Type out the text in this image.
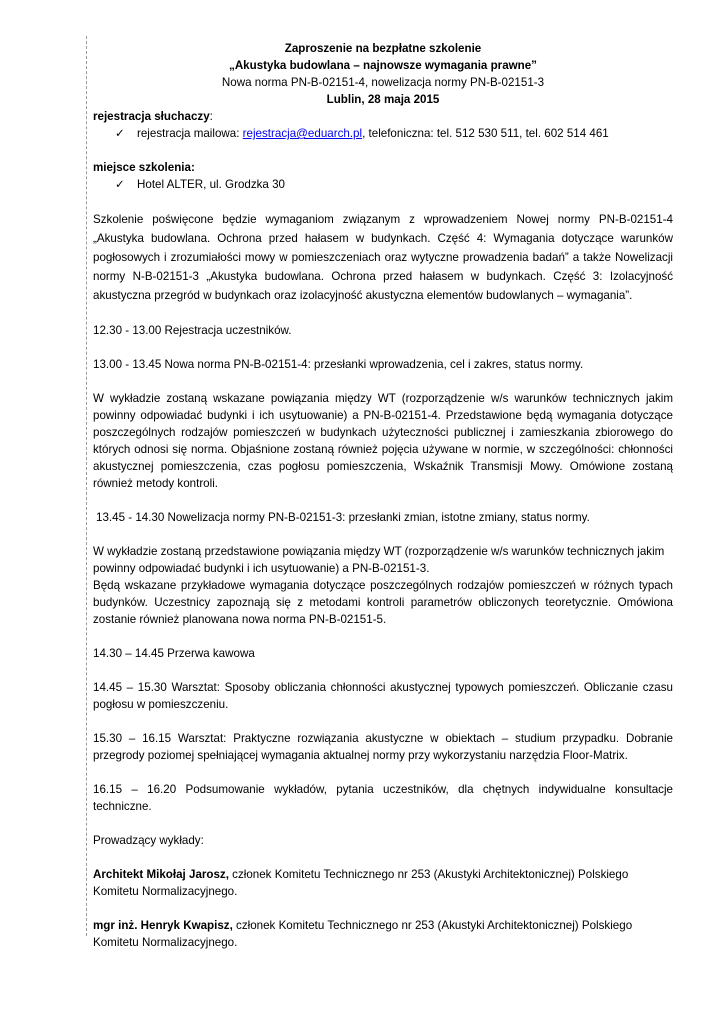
Zaproszenie na bezpłatne szkolenie

„Akustyka budowlana – najnowsze wymagania prawne”

Nowa norma PN-B-02151-4, nowelizacja normy PN-B-02151-3

Lublin, 28 maja 2015

rejestracja słuchaczy:

✓	rejestracja mailowa: rejestracja@eduarch.pl, telefoniczna: tel. 512 530 511, tel. 602 514 461

miejsce szkolenia:

✓	Hotel ALTER, ul. Grodzka 30

Szkolenie poświęcone będzie wymaganiom związanym z wprowadzeniem Nowej normy PN-B-02151-4 „Akustyka budowlana. Ochrona przed hałasem w budynkach. Część 4: Wymagania dotyczące warunków pogłosowych i zrozumiałości mowy w pomieszczeniach oraz wytyczne prowadzenia badań” a także Nowelizacji normy N-B-02151-3 „Akustyka budowlana. Ochrona przed hałasem w budynkach. Część 3: Izolacyjność akustyczna przegród w budynkach oraz izolacyjność akustyczna elementów budowlanych – wymagania”.

12.30 - 13.00 Rejestracja uczestników.

13.00 - 13.45 Nowa norma PN-B-02151-4: przesłanki wprowadzenia, cel i zakres, status normy.

W wykładzie zostaną wskazane powiązania między WT (rozporządzenie w/s warunków technicznych jakim powinny odpowiadać budynki i ich usytuowanie) a PN-B-02151-4. Przedstawione będą wymagania dotyczące poszczególnych rodzajów pomieszczeń w budynkach użyteczności publicznej i zamieszkania zbiorowego do których odnosi się norma. Objaśnione zostaną również pojęcia używane w normie, w szczególności: chłonności akustycznej pomieszczenia, czas pogłosu pomieszczenia, Wskaźnik Transmisji Mowy. Omówione zostaną również metody kontroli.

13.45 - 14.30 Nowelizacja normy PN-B-02151-3: przesłanki zmian, istotne zmiany, status normy.

W wykładzie zostaną przedstawione powiązania między WT (rozporządzenie w/s warunków technicznych jakim powinny odpowiadać budynki i ich usytuowanie) a PN-B-02151-3.

Będą wskazane przykładowe wymagania dotyczące poszczególnych rodzajów pomieszczeń w różnych typach budynków. Uczestnicy zapoznają się z metodami kontroli parametrów obliczonych teoretycznie. Omówiona zostanie również planowana nowa norma PN-B-02151-5.

14.30 – 14.45 Przerwa kawowa

14.45 – 15.30 Warsztat: Sposoby obliczania chłonności akustycznej typowych pomieszczeń. Obliczanie czasu pogłosu w pomieszczeniu.

15.30 – 16.15 Warsztat: Praktyczne rozwiązania akustyczne w obiektach – studium przypadku. Dobranie przegrody poziomej spełniającej wymagania aktualnej normy przy wykorzystaniu narzędzia Floor-Matrix.

16.15 – 16.20 Podsumowanie wykładów, pytania uczestników, dla chętnych indywidualne konsultacje techniczne.

Prowadzący wykłady:

Architekt Mikołaj Jarosz, członek Komitetu Technicznego nr 253 (Akustyki Architektonicznej) Polskiego Komitetu Normalizacyjnego.

mgr inż. Henryk Kwapisz, członek Komitetu Technicznego nr 253 (Akustyki Architektonicznej) Polskiego Komitetu Normalizacyjnego.
